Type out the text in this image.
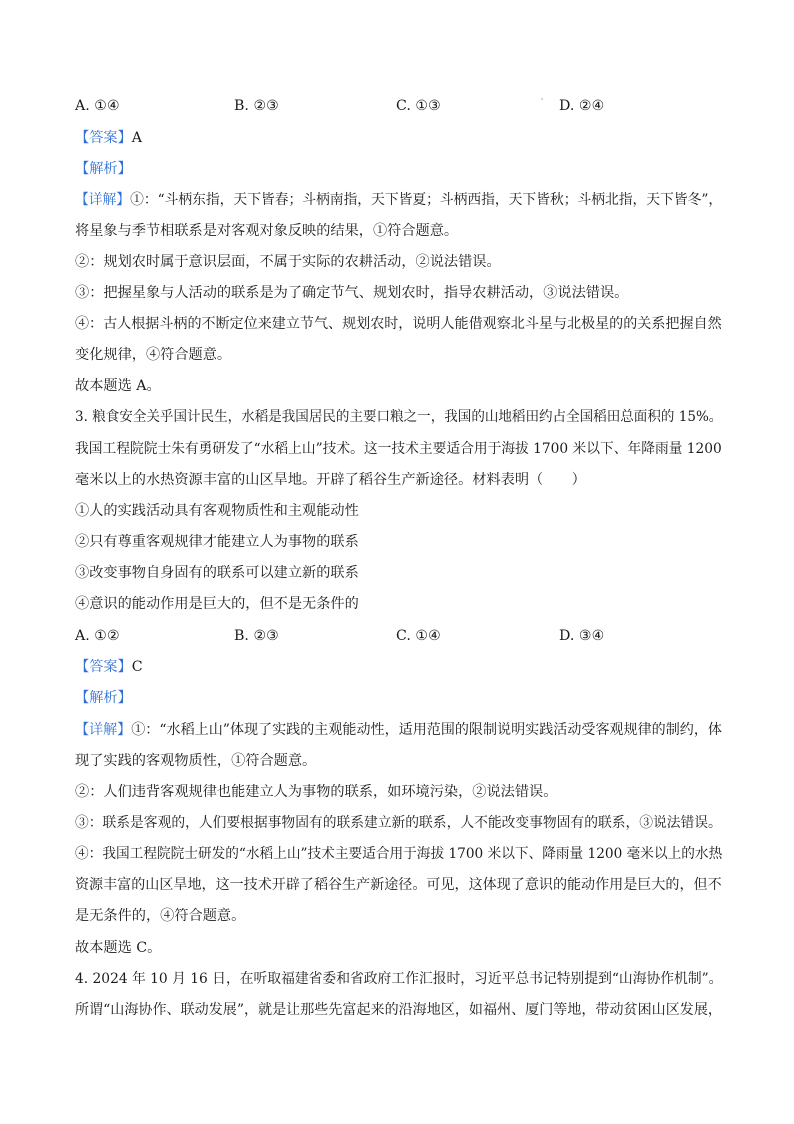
A. ①④	B. ②③	C. ①③	D. ②④
【答案】A
【解析】
【详解】①：“斗柄东指，天下皆春；斗柄南指，天下皆夏；斗柄西指，天下皆秋；斗柄北指，天下皆冬”，
将星象与季节相联系是对客观对象反映的结果，①符合题意。
②：规划农时属于意识层面，不属于实际的农耕活动，②说法错误。
③：把握星象与人活动的联系是为了确定节气、规划农时，指导农耕活动，③说法错误。
④：古人根据斗柄的不断定位来建立节气、规划农时，说明人能借观察北斗星与北极星的的关系把握自然
变化规律，④符合题意。
故本题选 A。
3. 粮食安全关乎国计民生，水稻是我国居民的主要口粮之一，我国的山地稻田约占全国稻田总面积的 15%。
我国工程院院士朱有勇研发了“水稻上山”技术。这一技术主要适合用于海拔 1700 米以下、年降雨量 1200
毫米以上的水热资源丰富的山区旱地。开辟了稻谷生产新途径。材料表明（　　）
①人的实践活动具有客观物质性和主观能动性
②只有尊重客观规律才能建立人为事物的联系
③改变事物自身固有的联系可以建立新的联系
④意识的能动作用是巨大的，但不是无条件的
A. ①②	B. ②③	C. ①④	D. ③④
【答案】C
【解析】
【详解】①：“水稻上山”体现了实践的主观能动性，适用范围的限制说明实践活动受客观规律的制约，体
现了实践的客观物质性，①符合题意。
②：人们违背客观规律也能建立人为事物的联系，如环境污染，②说法错误。
③：联系是客观的，人们要根据事物固有的联系建立新的联系，人不能改变事物固有的联系，③说法错误。
④：我国工程院院士研发的“水稻上山”技术主要适合用于海拔 1700 米以下、降雨量 1200 毫米以上的水热
资源丰富的山区旱地，这一技术开辟了稻谷生产新途径。可见，这体现了意识的能动作用是巨大的，但不
是无条件的，④符合题意。
故本题选 C。
4. 2024 年 10 月 16 日，在听取福建省委和省政府工作汇报时，习近平总书记特别提到“山海协作机制”。
所谓“山海协作、联动发展”，就是让那些先富起来的沿海地区，如福州、厦门等地，带动贫困山区发展，
